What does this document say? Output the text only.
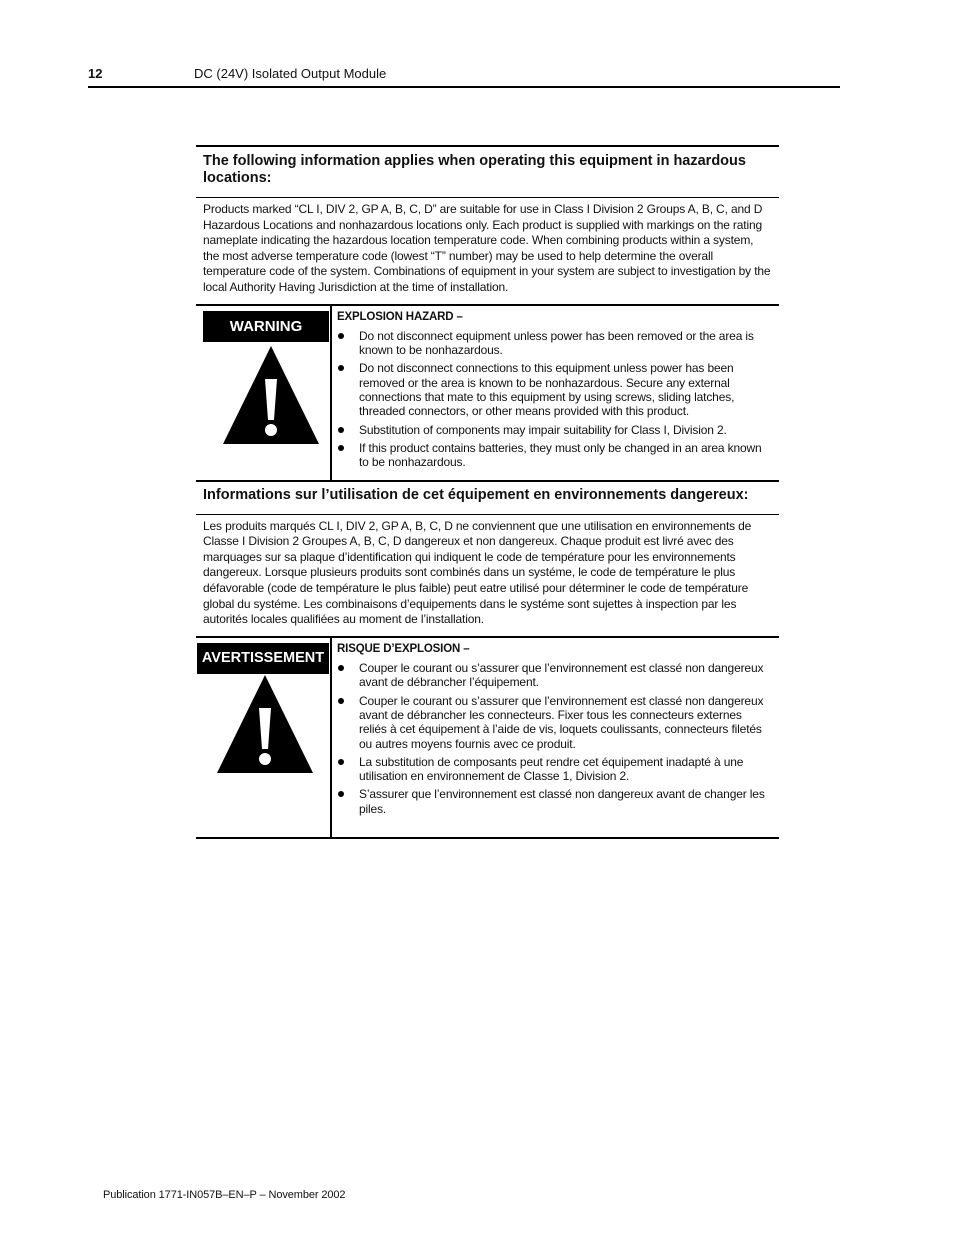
12	DC (24V) Isolated Output Module
The following information applies when operating this equipment in hazardous locations:
Products marked “CL I, DIV 2, GP A, B, C, D” are suitable for use in Class I Division 2 Groups A, B, C, and D Hazardous Locations and nonhazardous locations only. Each product is supplied with markings on the rating nameplate indicating the hazardous location temperature code. When combining products within a system, the most adverse temperature code (lowest “T” number) may be used to help determine the overall temperature code of the system. Combinations of equipment in your system are subject to investigation by the local Authority Having Jurisdiction at the time of installation.
WARNING
EXPLOSION HAZARD –
Do not disconnect equipment unless power has been removed or the area is known to be nonhazardous.
Do not disconnect connections to this equipment unless power has been removed or the area is known to be nonhazardous. Secure any external connections that mate to this equipment by using screws, sliding latches, threaded connectors, or other means provided with this product.
Substitution of components may impair suitability for Class I, Division 2.
If this product contains batteries, they must only be changed in an area known to be nonhazardous.
Informations sur l’utilisation de cet équipement en environnements dangereux:
Les produits marqués CL I, DIV 2, GP A, B, C, D ne conviennent que une utilisation en environnements de Classe I Division 2 Groupes A, B, C, D dangereux et non dangereux. Chaque produit est livré avec des marquages sur sa plaque d’identification qui indiquent le code de température pour les environnements dangereux. Lorsque plusieurs produits sont combinés dans un systéme, le code de température le plus défavorable (code de température le plus faible) peut eatre utilisé pour déterminer le code de température global du systéme. Les combinaisons d’equipements dans le systéme sont sujettes à inspection par les autorités locales qualifiées au moment de l’installation.
AVERTISSEMENT
RISQUE D’EXPLOSION –
Couper le courant ou s’assurer que l’environnement est classé non dangereux avant de débrancher l’équipement.
Couper le courant ou s’assurer que l’environnement est classé non dangereux avant de débrancher les connecteurs. Fixer tous les connecteurs externes reliés à cet équipement à l’aide de vis, loquets coulissants, connecteurs filetés ou autres moyens fournis avec ce produit.
La substitution de composants peut rendre cet équipement inadapté à une utilisation en environnement de Classe 1, Division 2.
S’assurer que l’environnement est classé non dangereux avant de changer les piles.
Publication 1771-IN057B–EN–P – November 2002
